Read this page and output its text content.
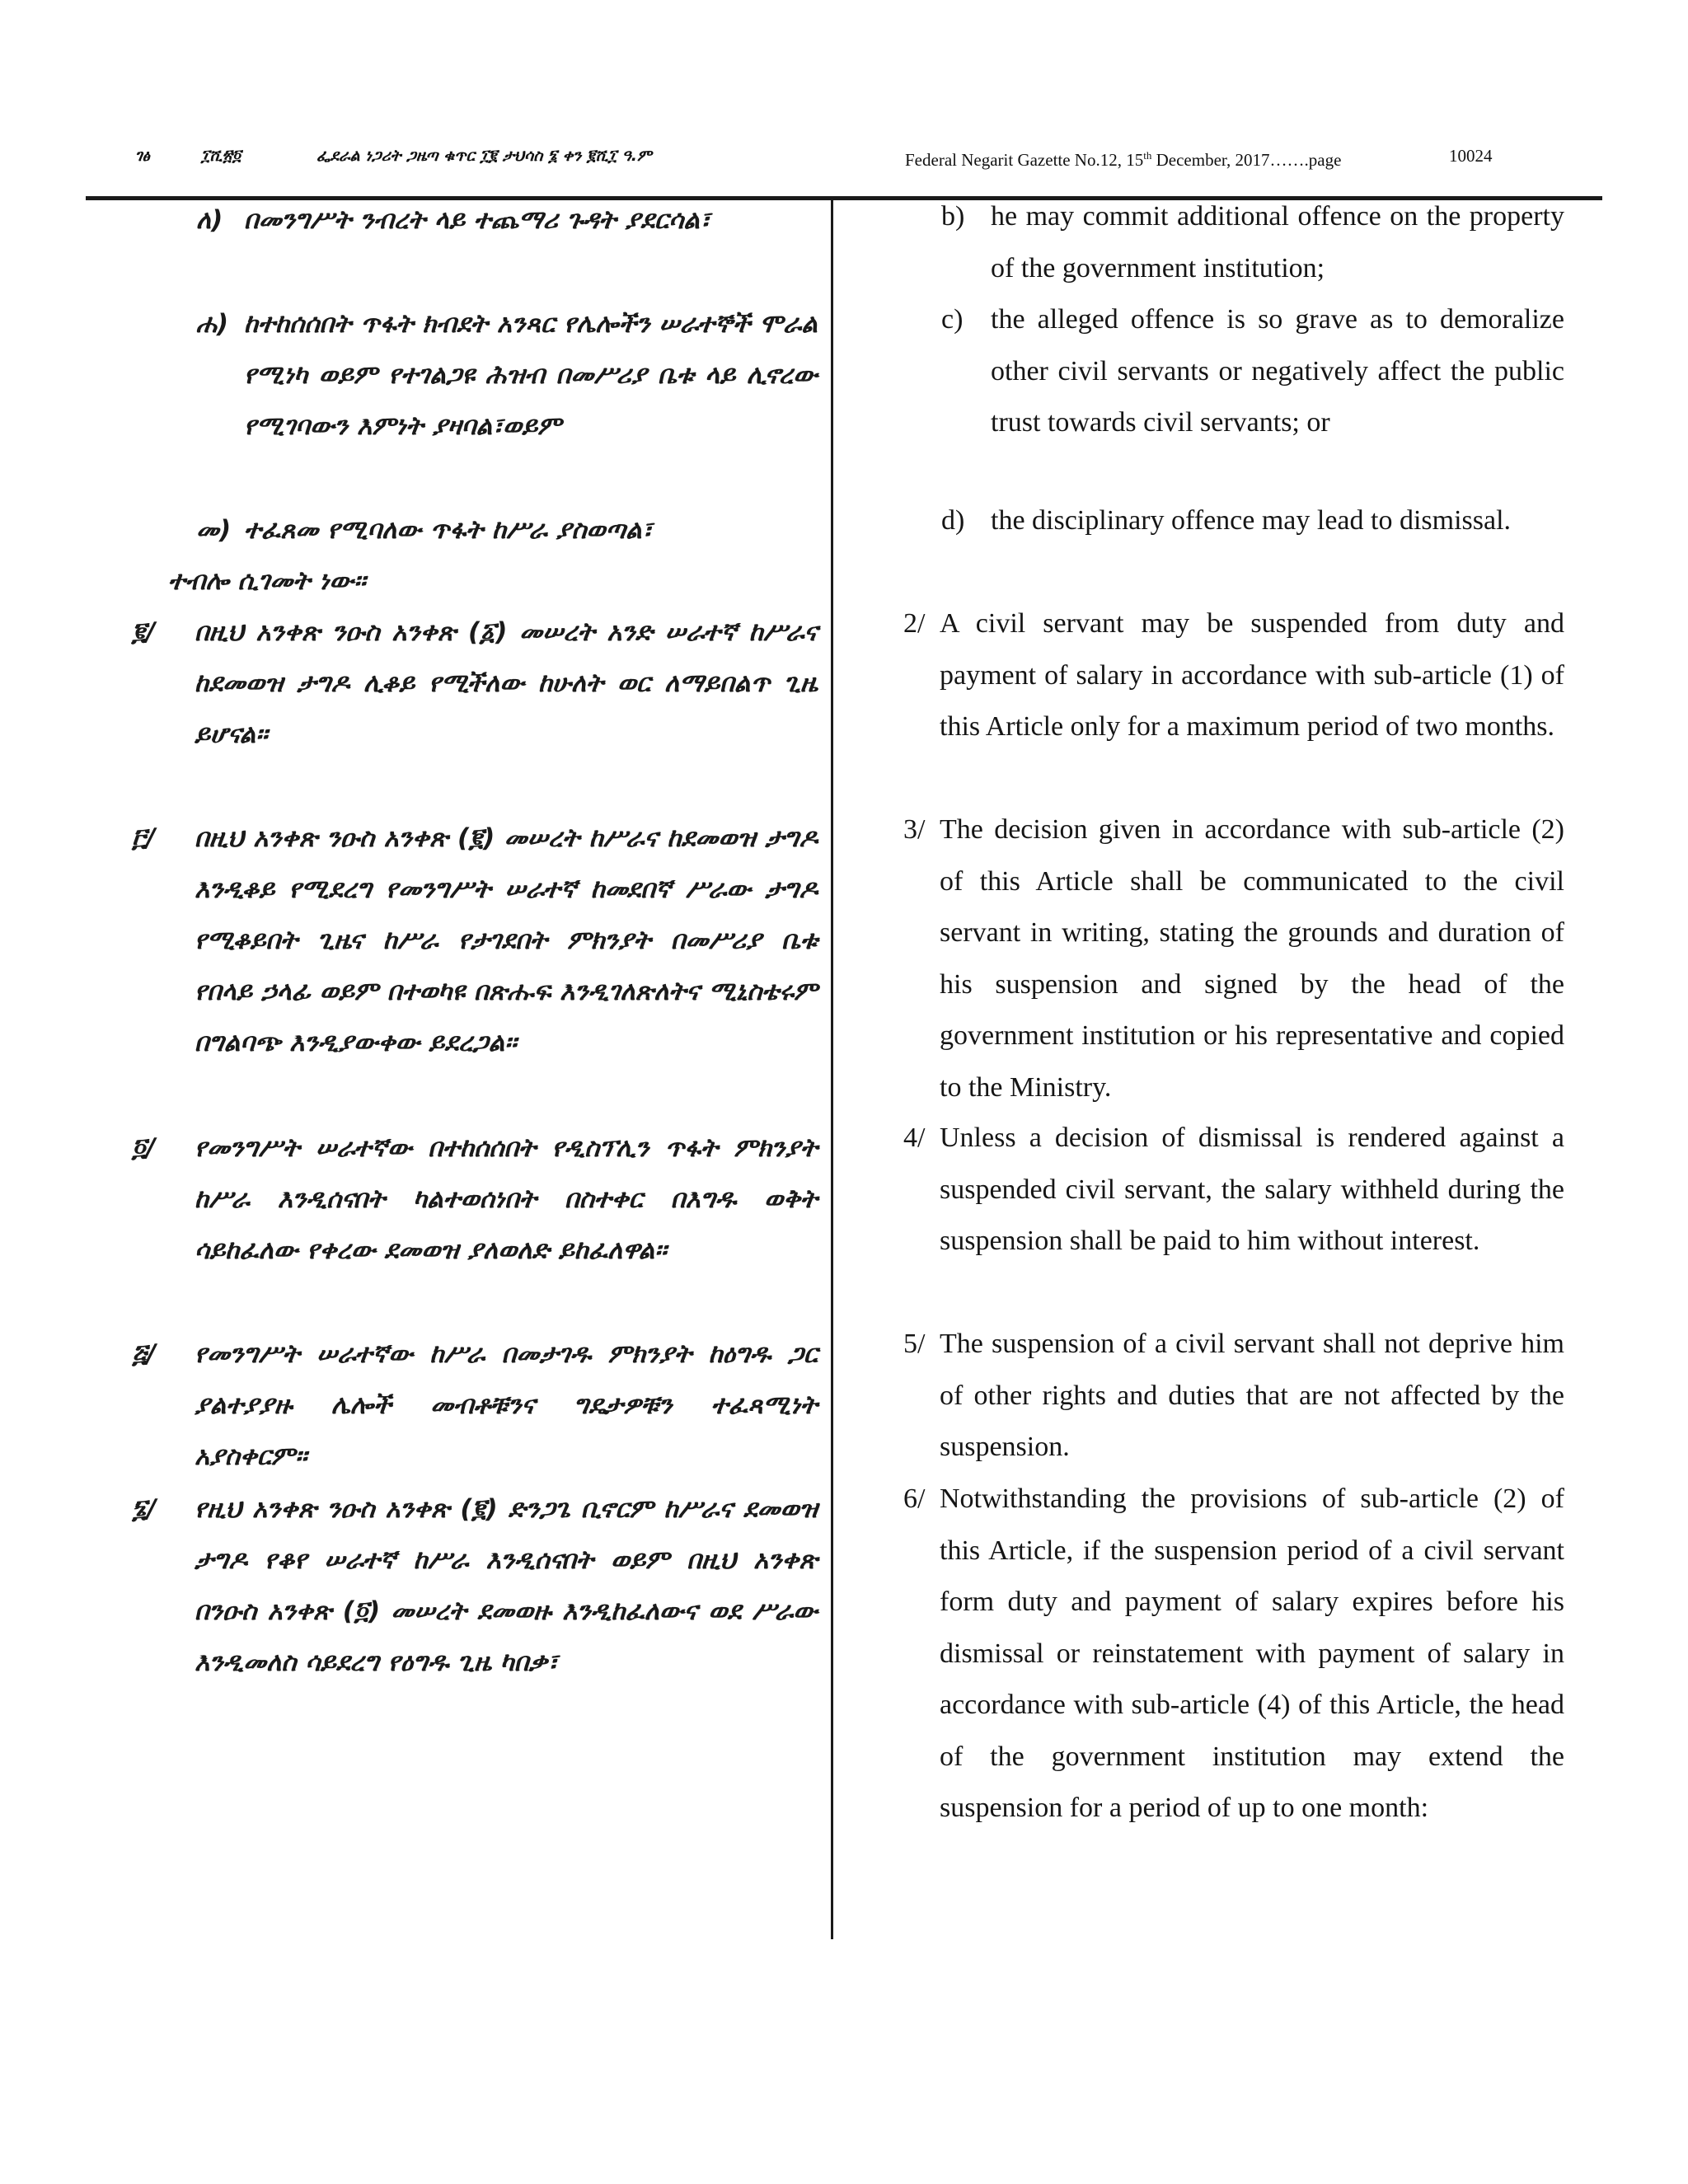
ገፅ	፲ሺ፳፬	ፌደራል ነጋሪት ጋዜጣ ቁጥር ፲፪ ታህሳስ ፮ ቀን ፪ሺ፲ ዓ.ም	Federal Negarit Gazette No.12, 15th December, 2017…….page	10024
ለ) በመንግሥት ንብረት ላይ ተጨማሪ ጉዳት ያደርሳል፣
ሐ) ከተከሰሰበት ጥፋት ክብደት አንጻር የሌሎችን ሠራተኞች ሞራል የሚነካ ወይም የተገልጋዩ ሕዝብ በመሥሪያ ቤቱ ላይ ሊኖረው የሚገባውን እምነት ያዛባል፣ወይም
መ) ተፈጸመ የሚባለው ጥፋት ከሥራ ያስወጣል፣
ተብሎ ሲገመት ነው፡፡
፪/ በዚህ አንቀጽ ንዑስ አንቀጽ (፩) መሠረት አንድ ሠራተኛ ከሥራና ከደመወዝ ታግዶ ሊቆይ የሚችለው ከሁለት ወር ለማይበልጥ ጊዜ ይሆናል፡፡
፫/ በዚህ አንቀጽ ንዑስ አንቀጽ (፪) መሠረት ከሥራና ከደመወዝ ታግዶ እንዲቆይ የሚደረግ የመንግሥት ሠራተኛ ከመደበኛ ሥራው ታግዶ የሚቆይበት ጊዜና ከሥራ የታገደበት ምክንያት በመሥሪያ ቤቱ የበላይ ኃላፊ ወይም በተወካዩ በጽሑፍ እንዲገለጽለትና ሚኒስቴሩም በግልባጭ እንዲያውቀው ይደረጋል፡፡
፬/ የመንግሥት ሠራተኛው በተከሰሰበት የዲስፕሊን ጥፋት ምክንያት ከሥራ እንዲሰናበት ካልተወሰነበት በስተቀር በእግዱ ወቅት ሳይከፈለው የቀረው ደመወዝ ያለወለድ ይከፈለዋል፡፡
፭/ የመንግሥት ሠራተኛው ከሥራ በመታገዱ ምክንያት ከዕግዱ ጋር ያልተያያዙ ሌሎች መብቶቹንና ግዴታዎቹን ተፈጻሚነት አያስቀርም፡፡
፮/ የዚህ አንቀጽ ንዑስ አንቀጽ (፪) ድንጋጌ ቢኖርም ከሥራና ደመወዝ ታግዶ የቆየ ሠራተኛ ከሥራ እንዲሰናበት ወይም በዚህ አንቀጽ በንዑስ አንቀጽ (፬) መሠረት ደመወዙ እንዲከፈለውና ወደ ሥራው እንዲመለስ ሳይደረግ የዕግዱ ጊዜ ካበቃ፣
b) he may commit additional offence on the property of the government institution;
c) the alleged offence is so grave as to demoralize other civil servants or negatively affect the public trust towards civil servants; or
d) the disciplinary offence may lead to dismissal.
2/ A civil servant may be suspended from duty and payment of salary in accordance with sub-article (1) of this Article only for a maximum period of two months.
3/ The decision given in accordance with sub-article (2) of this Article shall be communicated to the civil servant in writing, stating the grounds and duration of his suspension and signed by the head of the government institution or his representative and copied to the Ministry.
4/ Unless a decision of dismissal is rendered against a suspended civil servant, the salary withheld during the suspension shall be paid to him without interest.
5/ The suspension of a civil servant shall not deprive him of other rights and duties that are not affected by the suspension.
6/ Notwithstanding the provisions of sub-article (2) of this Article, if the suspension period of a civil servant form duty and payment of salary expires before his dismissal or reinstatement with payment of salary in accordance with sub-article (4) of this Article, the head of the government institution may extend the suspension for a period of up to one month:
